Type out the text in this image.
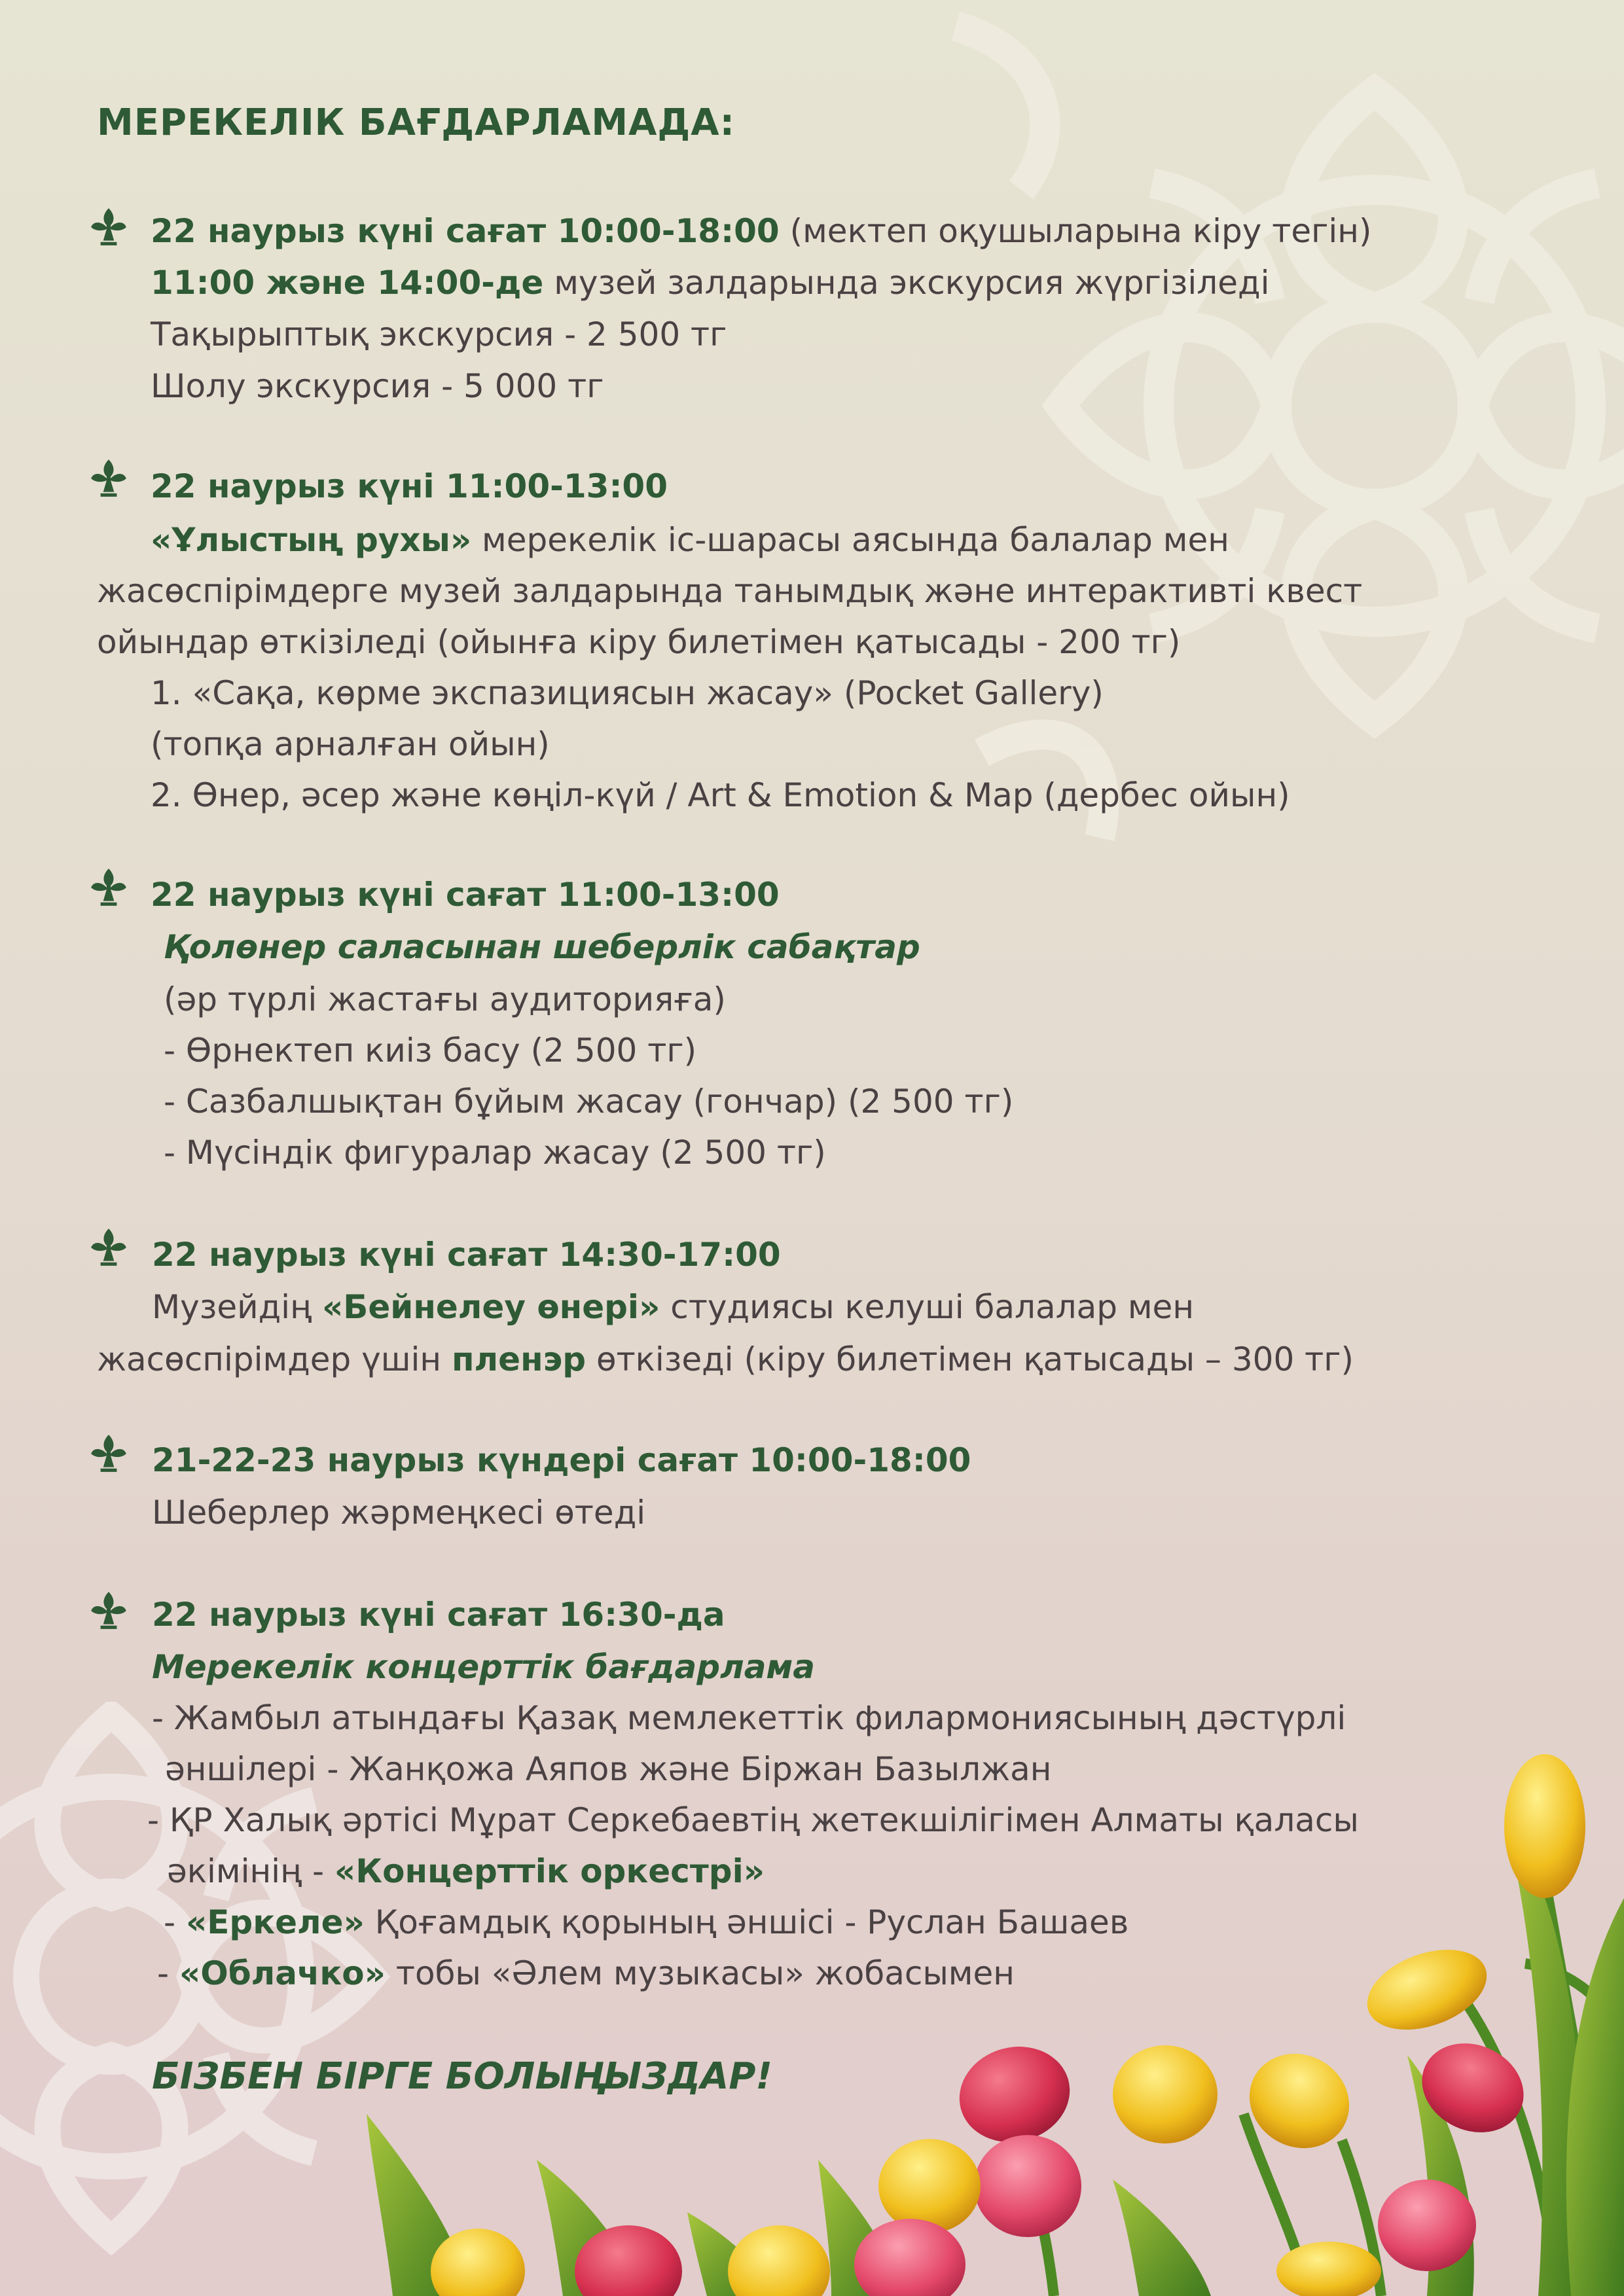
МЕРЕКЕЛІК БАҒДАРЛАМАДА:
22 наурыз күні сағат 10:00-18:00 (мектеп оқушыларына кіру тегін)
11:00 және 14:00-де музей залдарында экскурсия жүргізіледі
Тақырыптық экскурсия - 2 500 тг
Шолу экскурсия - 5 000 тг
22 наурыз күні 11:00-13:00
«Ұлыстың рухы» мерекелік іс-шарасы аясында балалар мен
жасөспірімдерге музей залдарында танымдық және интерактивті квест
ойындар өткізіледі (ойынға кіру билетімен қатысады - 200 тг)
1. «Сақа, көрме экспазициясын жасау» (Pocket Gallery)
(топқа арналған ойын)
2. Өнер, әсер және көңіл-күй / Art & Emotion & Map (дербес ойын)
22 наурыз күні сағат 11:00-13:00
Қолөнер саласынан шеберлік сабақтар
(әр түрлі жастағы аудиторияға)
- Өрнектеп киіз басу (2 500 тг)
- Сазбалшықтан бұйым жасау (гончар) (2 500 тг)
- Мүсіндік фигуралар жасау (2 500 тг)
22 наурыз күні сағат 14:30-17:00
Музейдің «Бейнелеу өнері» студиясы келуші балалар мен
жасөспірімдер үшін пленэр өткізеді (кіру билетімен қатысады – 300 тг)
21-22-23 наурыз күндері сағат 10:00-18:00
Шеберлер жәрмеңкесі өтеді
22 наурыз күні сағат 16:30-да
Мерекелік концерттік бағдарлама
- Жамбыл атындағы Қазақ мемлекеттік филармониясының дәстүрлі
әншілері - Жанқожа Аяпов және Біржан Базылжан
- ҚР Халық әртісі Мұрат Серкебаевтің жетекшілігімен Алматы қаласы
әкімінің - «Концерттік оркестрі»
- «Еркеле» Қоғамдық қорының әншісі - Руслан Башаев
- «Облачко» тобы «Әлем музыкасы» жобасымен
БІЗБЕН БІРГЕ БОЛЫҢЫЗДАР!
